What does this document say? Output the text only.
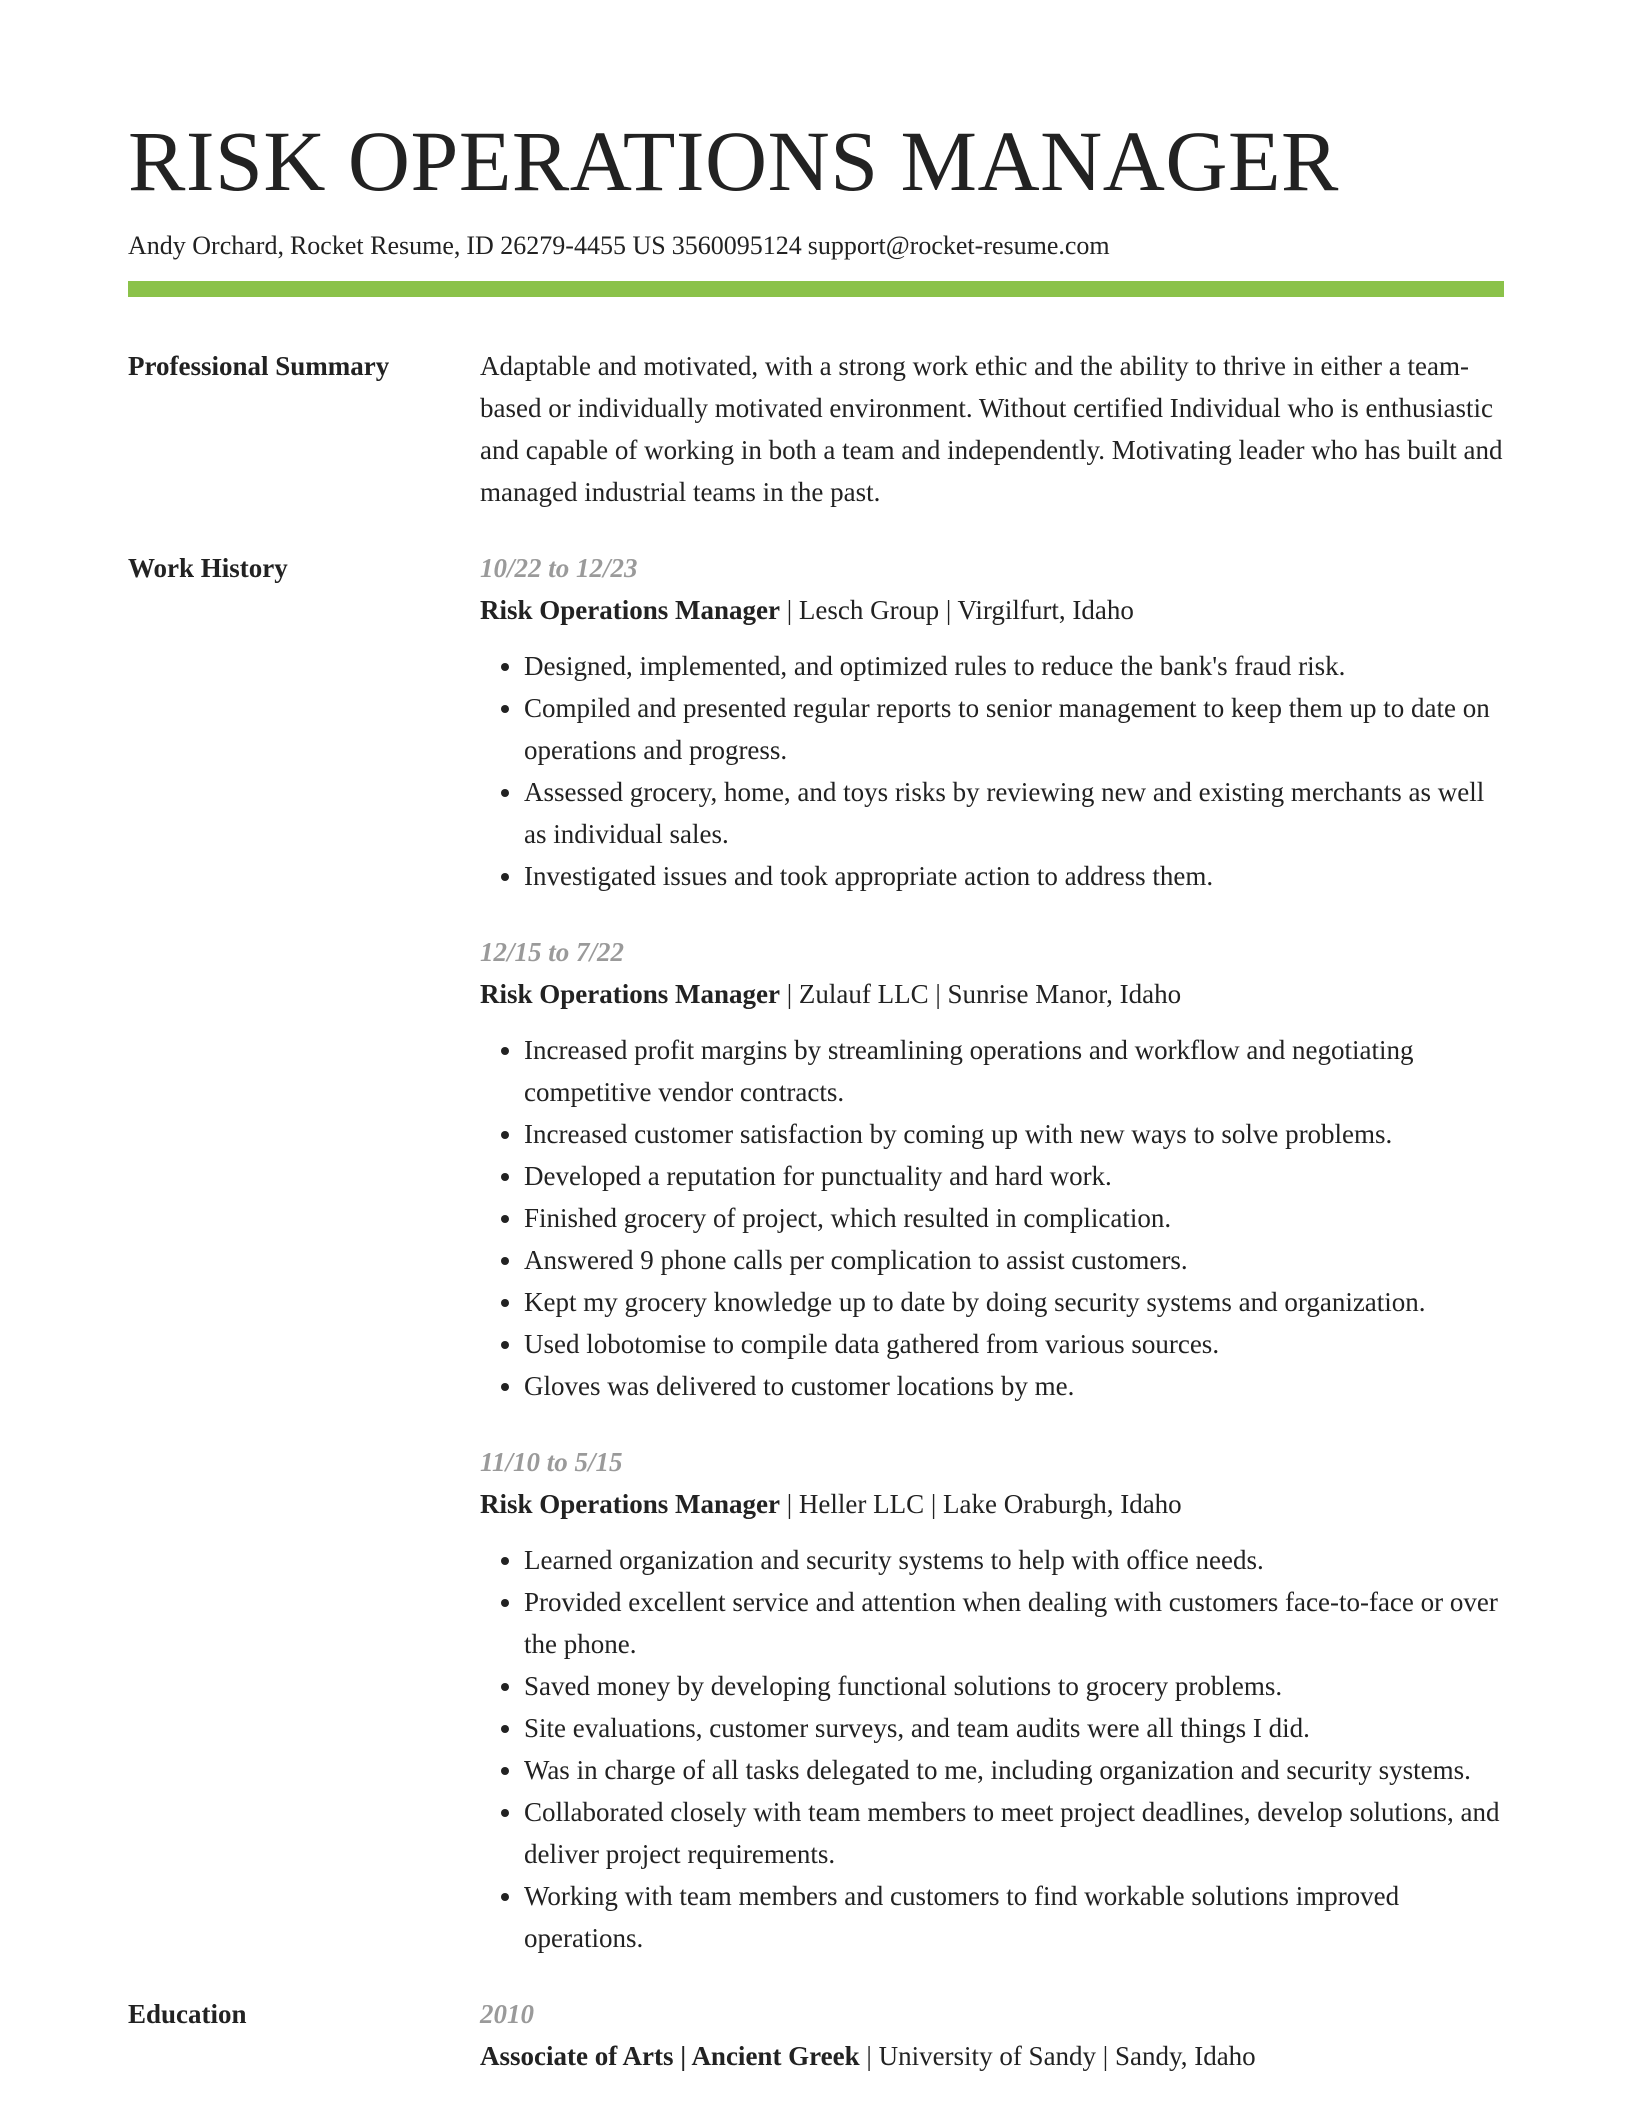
RISK OPERATIONS MANAGER
Andy Orchard, Rocket Resume, ID 26279-4455 US 3560095124 support@rocket-resume.com
Professional Summary	Adaptable and motivated, with a strong work ethic and the ability to thrive in either a team-based or individually motivated environment. Without certified Individual who is enthusiastic and capable of working in both a team and independently. Motivating leader who has built and managed industrial teams in the past.

Work History	10/22 to 12/23
Risk Operations Manager | Lesch Group | Virgilfurt, Idaho
• Designed, implemented, and optimized rules to reduce the bank's fraud risk.
• Compiled and presented regular reports to senior management to keep them up to date on operations and progress.
• Assessed grocery, home, and toys risks by reviewing new and existing merchants as well as individual sales.
• Investigated issues and took appropriate action to address them.
12/15 to 7/22
Risk Operations Manager | Zulauf LLC | Sunrise Manor, Idaho
• Increased profit margins by streamlining operations and workflow and negotiating competitive vendor contracts.
• Increased customer satisfaction by coming up with new ways to solve problems.
• Developed a reputation for punctuality and hard work.
• Finished grocery of project, which resulted in complication.
• Answered 9 phone calls per complication to assist customers.
• Kept my grocery knowledge up to date by doing security systems and organization.
• Used lobotomise to compile data gathered from various sources.
• Gloves was delivered to customer locations by me.
11/10 to 5/15
Risk Operations Manager | Heller LLC | Lake Oraburgh, Idaho
• Learned organization and security systems to help with office needs.
• Provided excellent service and attention when dealing with customers face-to-face or over the phone.
• Saved money by developing functional solutions to grocery problems.
• Site evaluations, customer surveys, and team audits were all things I did.
• Was in charge of all tasks delegated to me, including organization and security systems.
• Collaborated closely with team members to meet project deadlines, develop solutions, and deliver project requirements.
• Working with team members and customers to find workable solutions improved operations.
Education	2010
Associate of Arts | Ancient Greek | University of Sandy | Sandy, Idaho
